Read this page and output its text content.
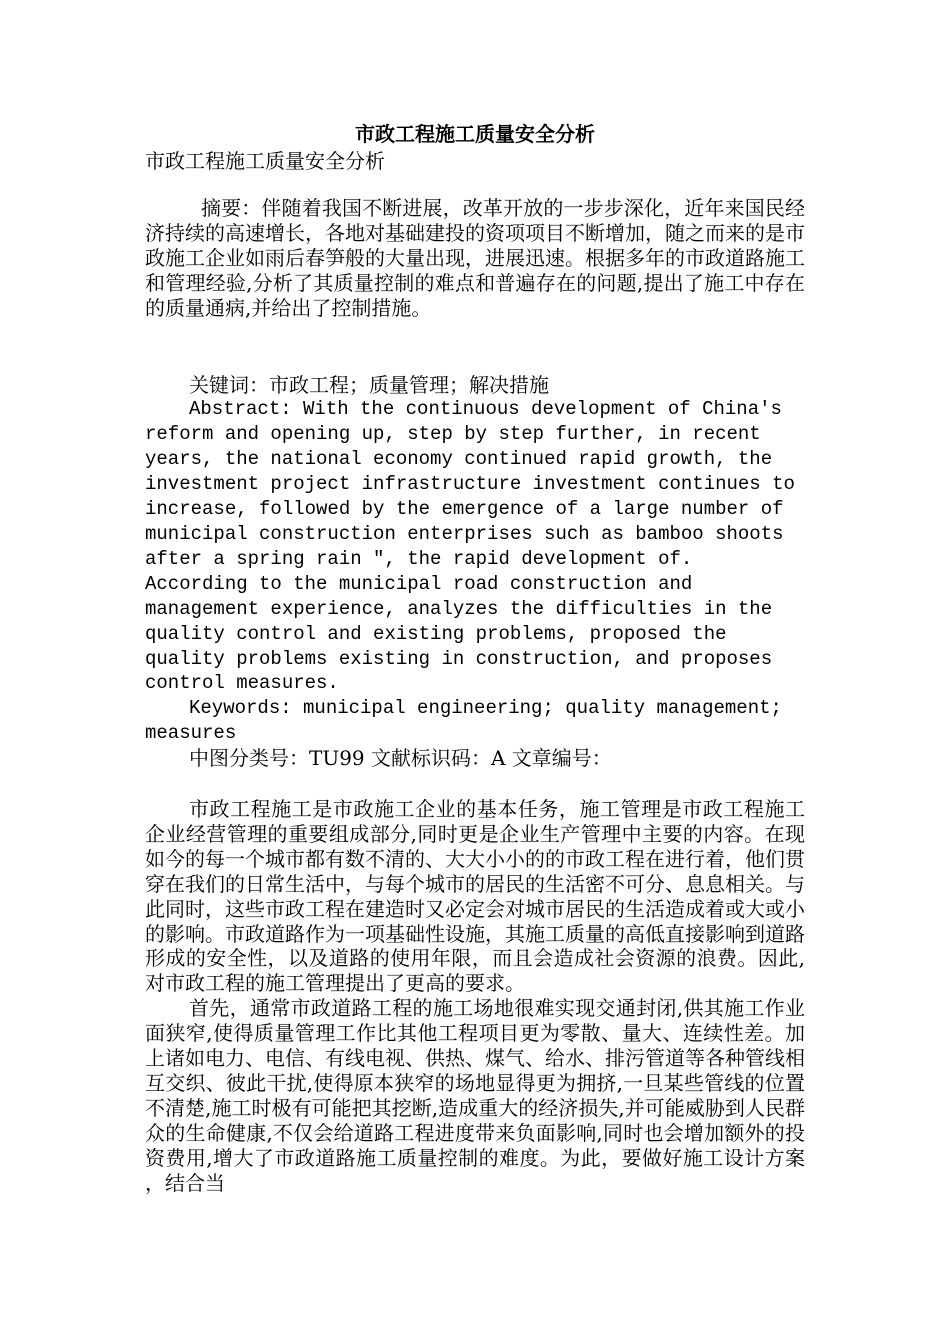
市政工程施工质量安全分析

市政工程施工质量安全分析

摘要：伴随着我国不断进展，改革开放的一步步深化，近年来国民经济持续的高速增长，各地对基础建投的资项项目不断增加，随之而来的是市政施工企业如雨后春笋般的大量出现，进展迅速。根据多年的市政道路施工和管理经验,分析了其质量控制的难点和普遍存在的问题,提出了施工中存在的质量通病,并给出了控制措施。

关键词：市政工程；质量管理；解决措施

Abstract: With the continuous development of China's reform and opening up, step by step further, in recent years, the national economy continued rapid growth, the investment project infrastructure investment continues to increase, followed by the emergence of a large number of municipal construction enterprises such as bamboo shoots after a spring rain ", the rapid development of. According to the municipal road construction and management experience, analyzes the difficulties in the quality control and existing problems, proposed the quality problems existing in construction, and proposes control measures.

Keywords: municipal engineering; quality management; measures

中图分类号：TU99 文献标识码：A 文章编号：

市政工程施工是市政施工企业的基本任务，施工管理是市政工程施工企业经营管理的重要组成部分,同时更是企业生产管理中主要的内容。在现如今的每一个城市都有数不清的、大大小小的的市政工程在进行着，他们贯穿在我们的日常生活中，与每个城市的居民的生活密不可分、息息相关。与此同时，这些市政工程在建造时又必定会对城市居民的生活造成着或大或小的影响。市政道路作为一项基础性设施，其施工质量的高低直接影响到道路形成的安全性，以及道路的使用年限，而且会造成社会资源的浪费。因此,对市政工程的施工管理提出了更高的要求。

首先，通常市政道路工程的施工场地很难实现交通封闭,供其施工作业面狭窄,使得质量管理工作比其他工程项目更为零散、量大、连续性差。加上诸如电力、电信、有线电视、供热、煤气、给水、排污管道等各种管线相互交织、彼此干扰,使得原本狭窄的场地显得更为拥挤,一旦某些管线的位置不清楚,施工时极有可能把其挖断,造成重大的经济损失,并可能威胁到人民群众的生命健康,不仅会给道路工程进度带来负面影响,同时也会增加额外的投资费用,增大了市政道路施工质量控制的难度。为此，要做好施工设计方案 ，结合当
